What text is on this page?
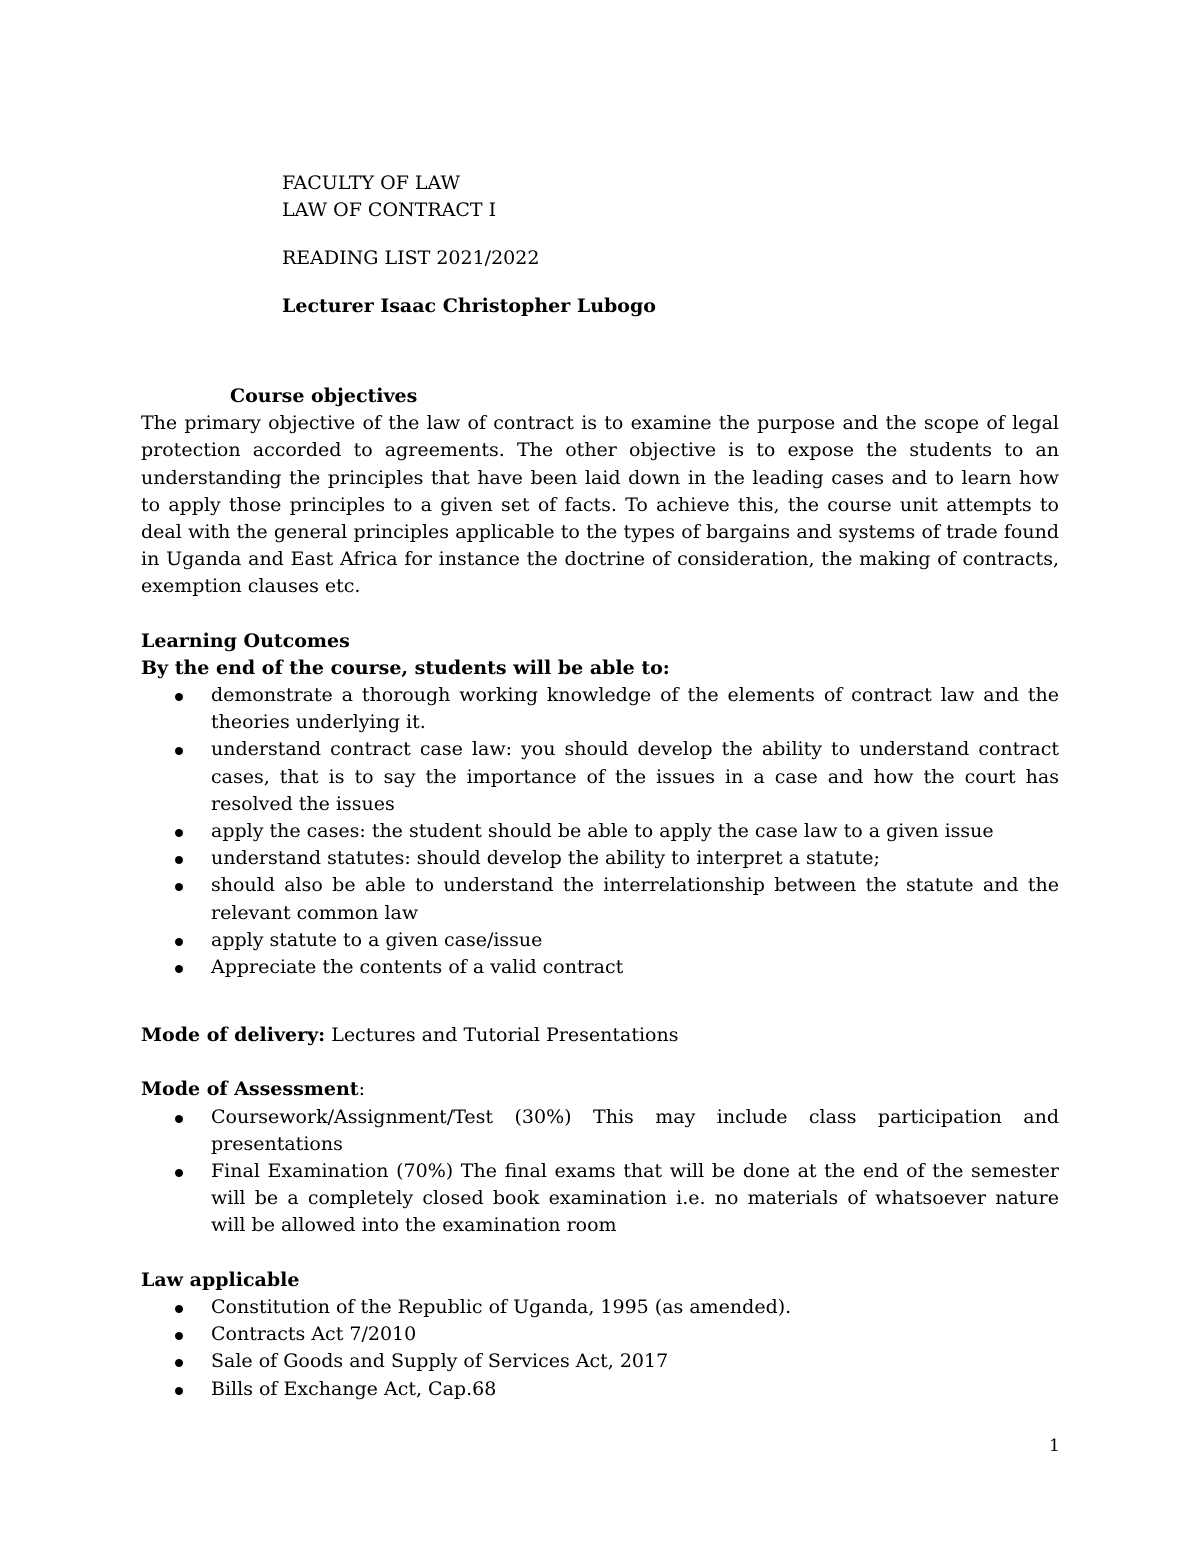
FACULTY OF LAW
LAW OF CONTRACT I
READING LIST 2021/2022
Lecturer Isaac Christopher Lubogo
Course objectives

The primary objective of the law of contract is to examine the purpose and the scope of legal protection accorded to agreements. The other objective is to expose the students to an understanding the principles that have been laid down in the leading cases and to learn how to apply those principles to a given set of facts. To achieve this, the course unit attempts to deal with the general principles applicable to the types of bargains and systems of trade found in Uganda and East Africa for instance the doctrine of consideration, the making of contracts, exemption clauses etc.

Learning Outcomes
By the end of the course, students will be able to:
demonstrate a thorough working knowledge of the elements of contract law and the theories underlying it.
understand contract case law: you should develop the ability to understand contract cases, that is to say the importance of the issues in a case and how the court has resolved the issues
apply the cases: the student should be able to apply the case law to a given issue
understand statutes: should develop the ability to interpret a statute;
should also be able to understand the interrelationship between the statute and the relevant common law
apply statute to a given case/issue
Appreciate the contents of a valid contract
Mode of delivery: Lectures and Tutorial Presentations
Mode of Assessment:
Coursework/Assignment/Test (30%) This may include class participation and presentations
Final Examination (70%) The final exams that will be done at the end of the semester will be a completely closed book examination i.e. no materials of whatsoever nature will be allowed into the examination room
Law applicable
Constitution of the Republic of Uganda, 1995 (as amended).
Contracts Act 7/2010
Sale of Goods and Supply of Services Act, 2017
Bills of Exchange Act, Cap.68
1
